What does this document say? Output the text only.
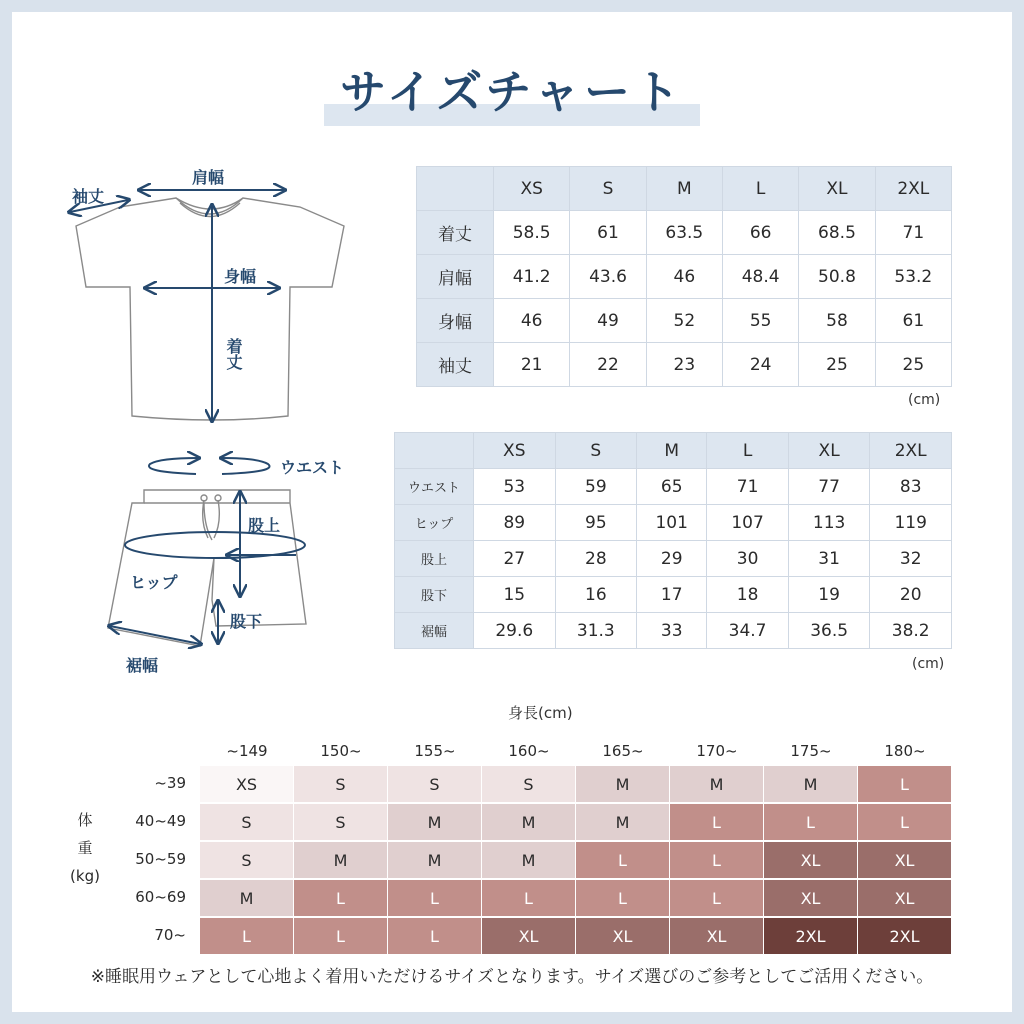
サイズチャート
肩幅
袖丈
身幅
着丈
ウエスト
股上
ヒップ
股下
裾幅
	XS	S	M	L	XL	2XL
着丈	58.5	61	63.5	66	68.5	71
肩幅	41.2	43.6	46	48.4	50.8	53.2
身幅	46	49	52	55	58	61
袖丈	21	22	23	24	25	25
(cm)
	XS	S	M	L	XL	2XL
ウエスト	53	59	65	71	77	83
ヒップ	89	95	101	107	113	119
股上	27	28	29	30	31	32
股下	15	16	17	18	19	20
裾幅	29.6	31.3	33	34.7	36.5	38.2
(cm)
身長(cm)
体
重
(kg)
~149	150~	155~	160~	165~	170~	175~	180~
~39	XS	S	S	S	M	M	M	L
40~49	S	S	M	M	M	L	L	L
50~59	S	M	M	M	L	L	XL	XL
60~69	M	L	L	L	L	L	XL	XL
70~	L	L	L	XL	XL	XL	2XL	2XL
※睡眠用ウェアとして心地よく着用いただけるサイズとなります。サイズ選びのご参考としてご活用ください。
